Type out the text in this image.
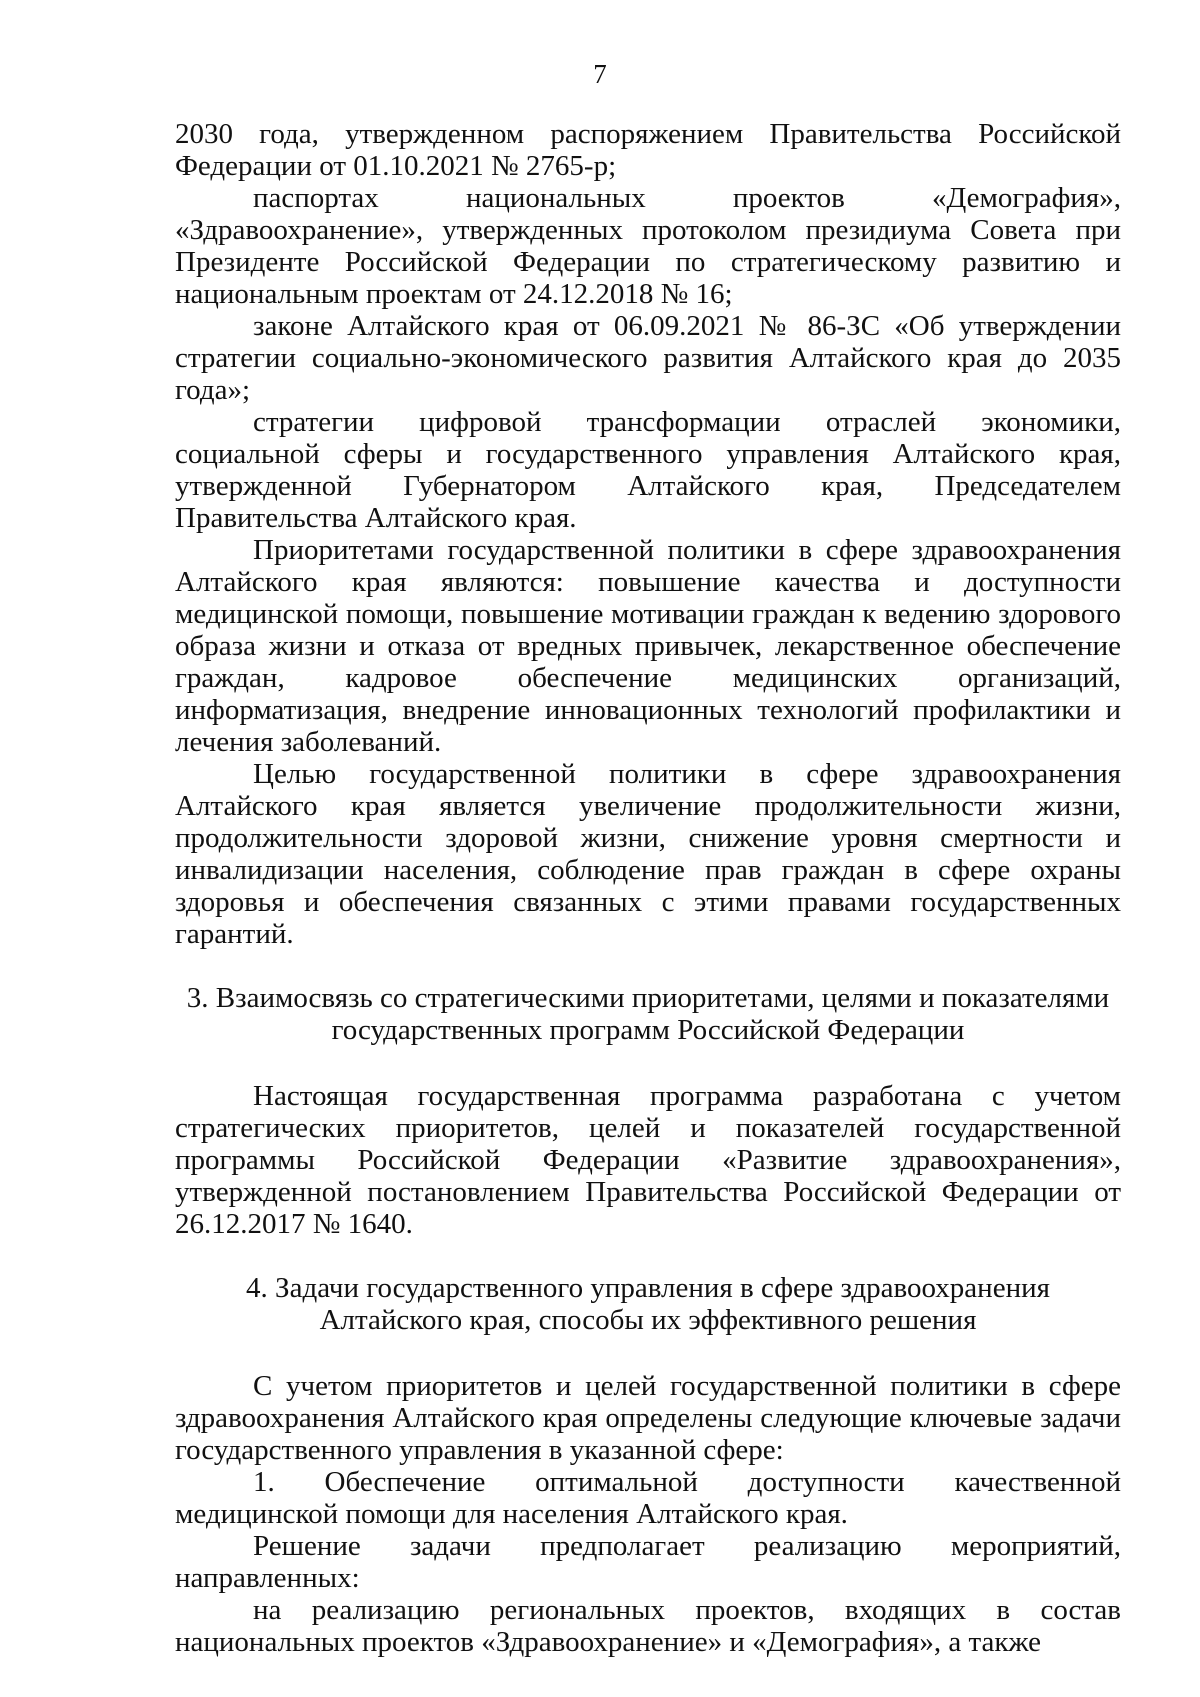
7

2030 года, утвержденном распоряжением Правительства Российской Федерации от 01.10.2021 № 2765-р;

паспортах национальных проектов «Демография», «Здравоохранение», утвержденных протоколом президиума Совета при Президенте Российской Федерации по стратегическому развитию и национальным проектам от 24.12.2018 № 16;

законе Алтайского края от 06.09.2021 № 86-ЗС «Об утверждении стратегии социально-экономического развития Алтайского края до 2035 года»;

стратегии цифровой трансформации отраслей экономики, социальной сферы и государственного управления Алтайского края, утвержденной Губернатором Алтайского края, Председателем Правительства Алтайского края.

Приоритетами государственной политики в сфере здравоохранения Алтайского края являются: повышение качества и доступности медицинской помощи, повышение мотивации граждан к ведению здорового образа жизни и отказа от вредных привычек, лекарственное обеспечение граждан, кадровое обеспечение медицинских организаций, информатизация, внедрение инновационных технологий профилактики и лечения заболеваний.

Целью государственной политики в сфере здравоохранения Алтайского края является увеличение продолжительности жизни, продолжительности здоровой жизни, снижение уровня смертности и инвалидизации населения, соблюдение прав граждан в сфере охраны здоровья и обеспечения связанных с этими правами государственных гарантий.

3. Взаимосвязь со стратегическими приоритетами, целями и показателями
государственных программ Российской Федерации

Настоящая государственная программа разработана с учетом стратегических приоритетов, целей и показателей государственной программы Российской Федерации «Развитие здравоохранения», утвержденной постановлением Правительства Российской Федерации от 26.12.2017 № 1640.

4. Задачи государственного управления в сфере здравоохранения
Алтайского края, способы их эффективного решения

С учетом приоритетов и целей государственной политики в сфере здравоохранения Алтайского края определены следующие ключевые задачи государственного управления в указанной сфере:

1. Обеспечение оптимальной доступности качественной медицинской помощи для населения Алтайского края.

Решение задачи предполагает реализацию мероприятий, направленных:

на реализацию региональных проектов, входящих в состав национальных проектов «Здравоохранение» и «Демография», а также
